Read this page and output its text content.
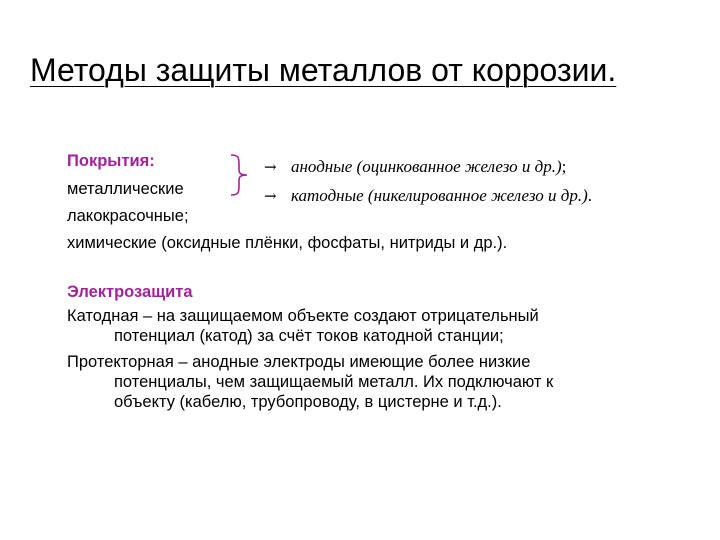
Методы защиты металлов от коррозии.
Покрытия:
металлические
лакокрасочные;
химические (оксидные плёнки, фосфаты, нитриды и др.).
→ анодные (оцинкованное железо и др.);
→ катодные (никелированное железо и др.).
Электрозащита
Катодная – на защищаемом объекте создают отрицательный
потенциал (катод) за счёт токов катодной станции;
Протекторная – анодные электроды имеющие более низкие
потенциалы, чем защищаемый металл. Их подключают к
объекту (кабелю, трубопроводу, в цистерне и т.д.).
